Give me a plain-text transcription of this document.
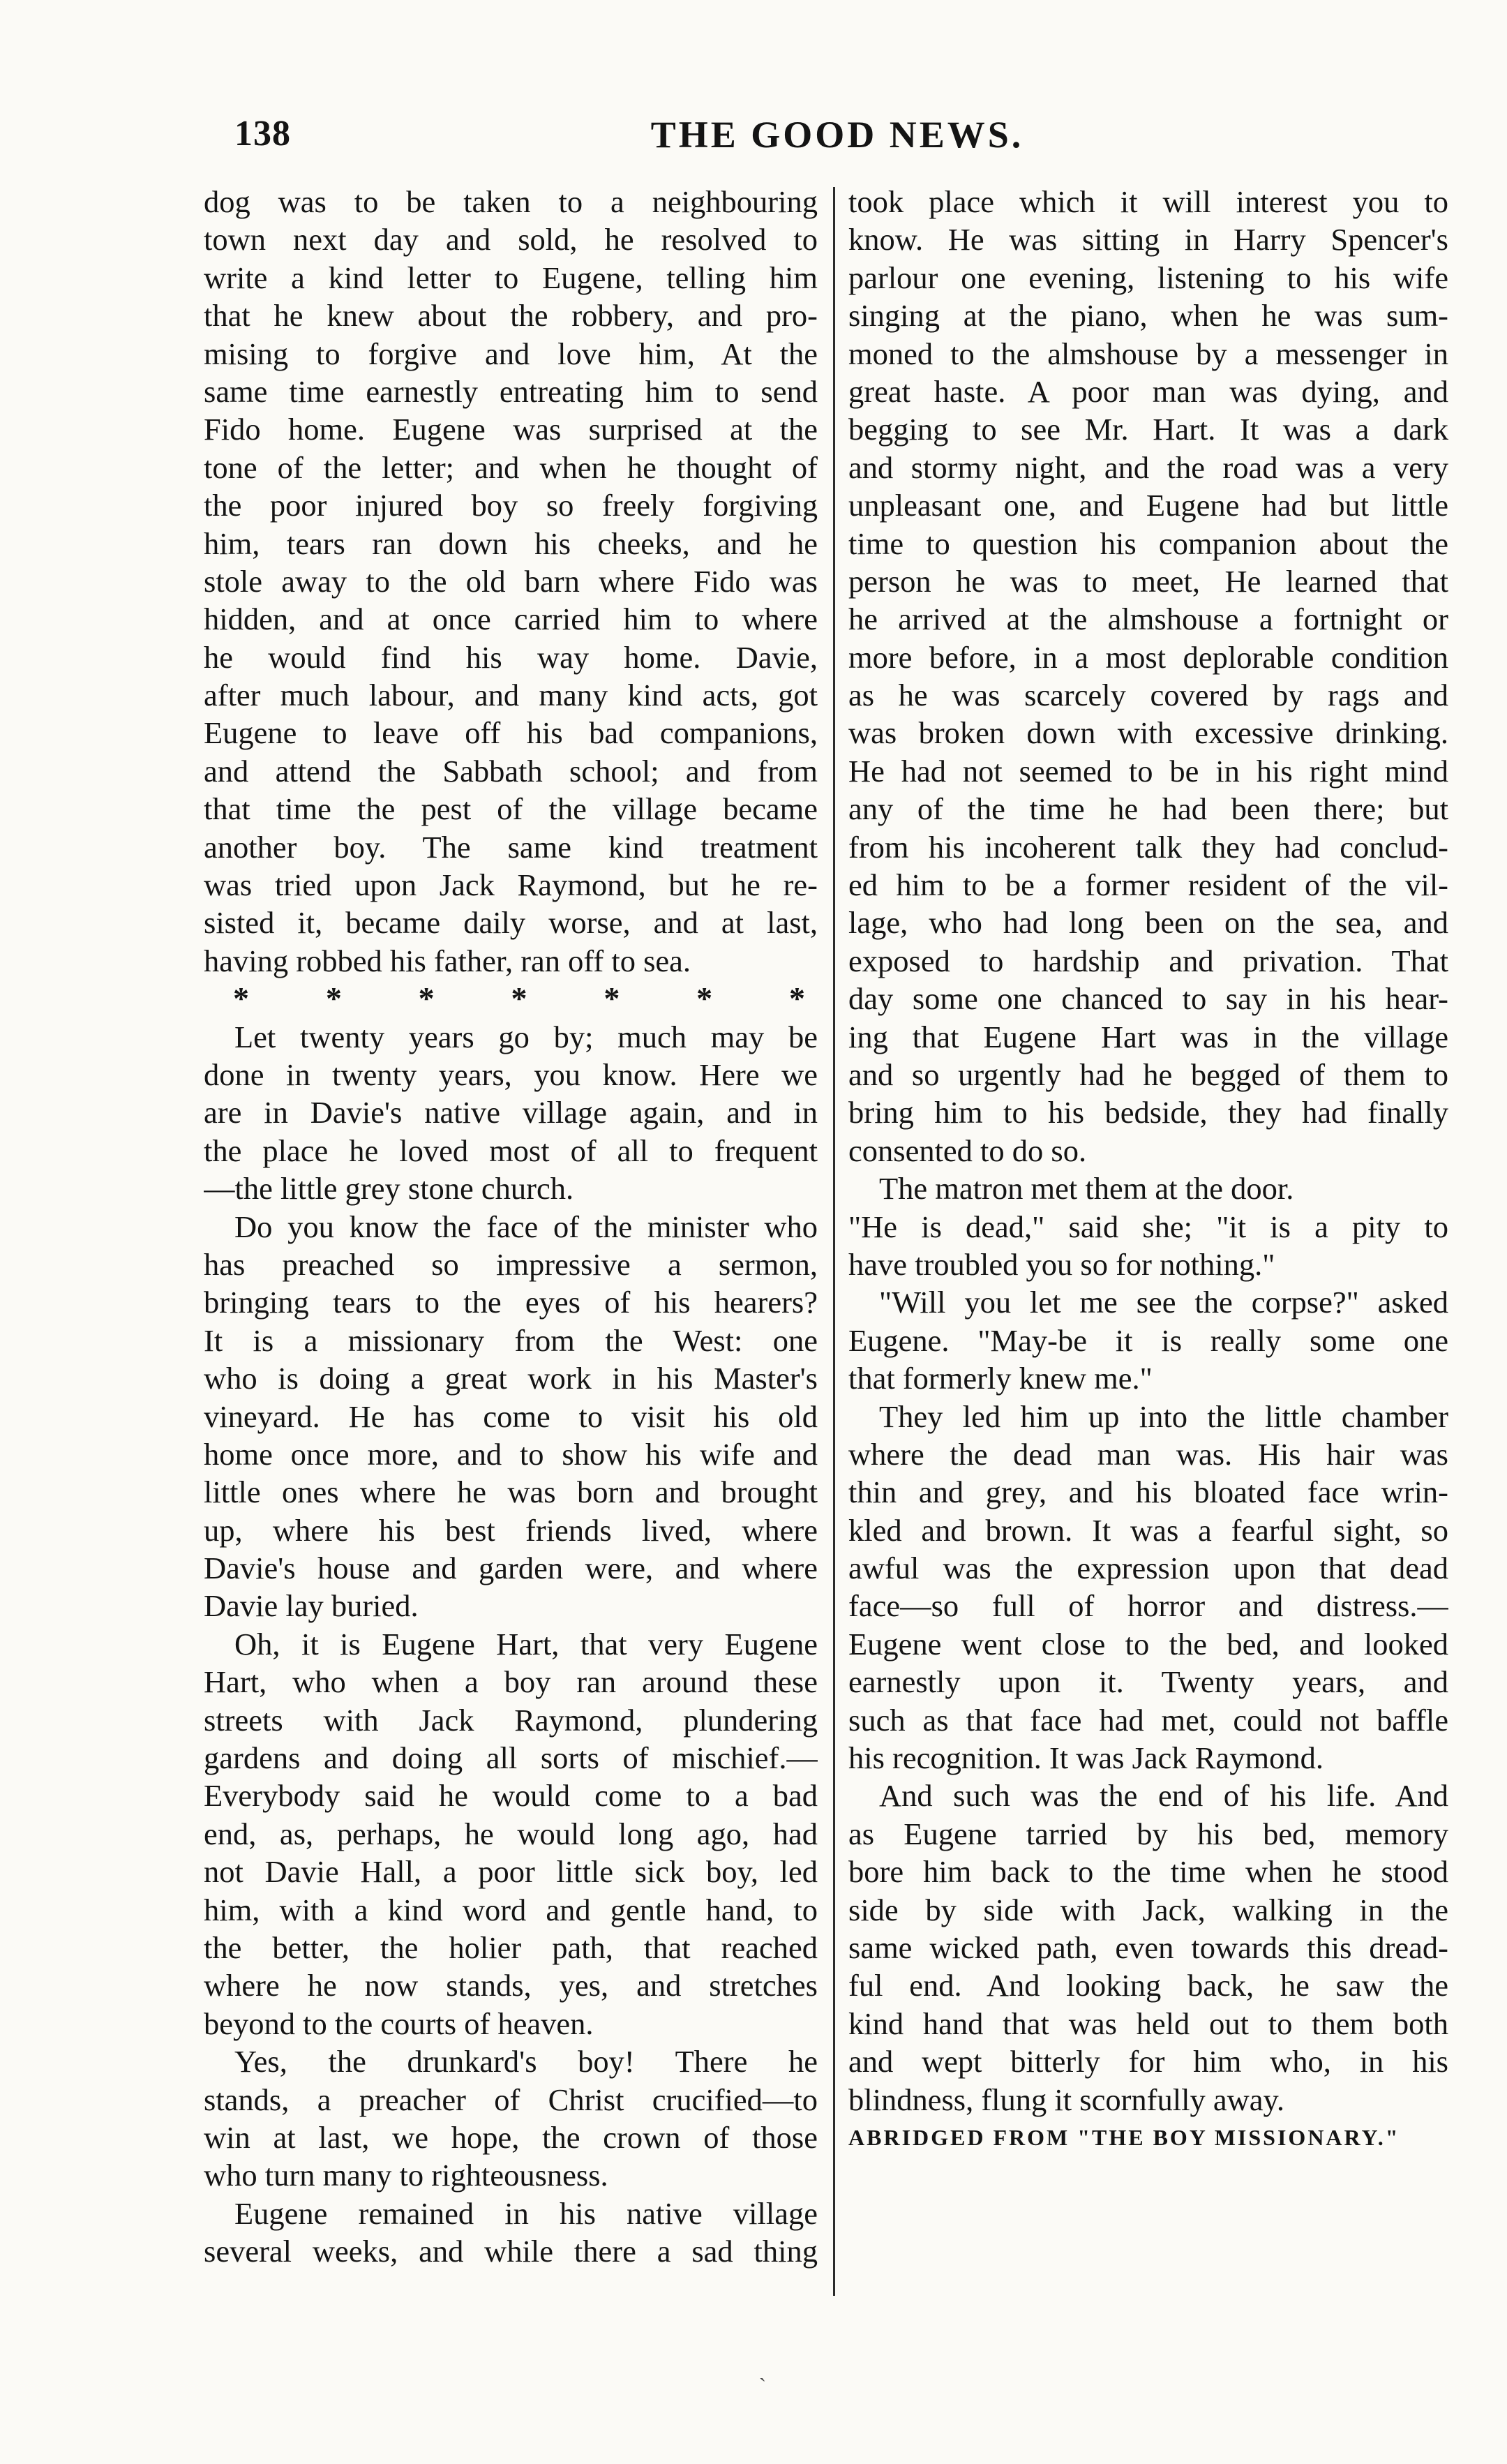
138	THE GOOD NEWS.
dog was to be taken to a neighbouring
town next day and sold, he resolved to
write a kind letter to Eugene, telling him
that he knew about the robbery, and pro-
mising to forgive and love him, At the
same time earnestly entreating him to send
Fido home. Eugene was surprised at the
tone of the letter; and when he thought of
the poor injured boy so freely forgiving
him, tears ran down his cheeks, and he
stole away to the old barn where Fido was
hidden, and at once carried him to where
he would find his way home. Davie,
after much labour, and many kind acts, got
Eugene to leave off his bad companions,
and attend the Sabbath school; and from
that time the pest of the village became
another boy. The same kind treatment
was tried upon Jack Raymond, but he re-
sisted it, became daily worse, and at last,
having robbed his father, ran off to sea.
* * * * * * *
Let twenty years go by; much may be
done in twenty years, you know. Here we
are in Davie's native village again, and in
the place he loved most of all to frequent
—the little grey stone church.
Do you know the face of the minister who
has preached so impressive a sermon,
bringing tears to the eyes of his hearers?
It is a missionary from the West: one
who is doing a great work in his Master's
vineyard. He has come to visit his old
home once more, and to show his wife and
little ones where he was born and brought
up, where his best friends lived, where
Davie's house and garden were, and where
Davie lay buried.
Oh, it is Eugene Hart, that very Eugene
Hart, who when a boy ran around these
streets with Jack Raymond, plundering
gardens and doing all sorts of mischief.—
Everybody said he would come to a bad
end, as, perhaps, he would long ago, had
not Davie Hall, a poor little sick boy, led
him, with a kind word and gentle hand, to
the better, the holier path, that reached
where he now stands, yes, and stretches
beyond to the courts of heaven.
Yes, the drunkard's boy! There he
stands, a preacher of Christ crucified—to
win at last, we hope, the crown of those
who turn many to righteousness.
Eugene remained in his native village
several weeks, and while there a sad thing
took place which it will interest you to
know. He was sitting in Harry Spencer's
parlour one evening, listening to his wife
singing at the piano, when he was sum-
moned to the almshouse by a messenger in
great haste. A poor man was dying, and
begging to see Mr. Hart. It was a dark
and stormy night, and the road was a very
unpleasant one, and Eugene had but little
time to question his companion about the
person he was to meet, He learned that
he arrived at the almshouse a fortnight or
more before, in a most deplorable condition
as he was scarcely covered by rags and
was broken down with excessive drinking.
He had not seemed to be in his right mind
any of the time he had been there; but
from his incoherent talk they had conclud-
ed him to be a former resident of the vil-
lage, who had long been on the sea, and
exposed to hardship and privation. That
day some one chanced to say in his hear-
ing that Eugene Hart was in the village
and so urgently had he begged of them to
bring him to his bedside, they had finally
consented to do so.
The matron met them at the door.
"He is dead," said she; "it is a pity to
have troubled you so for nothing."
"Will you let me see the corpse?" asked
Eugene. "May-be it is really some one
that formerly knew me."
They led him up into the little chamber
where the dead man was. His hair was
thin and grey, and his bloated face wrin-
kled and brown. It was a fearful sight, so
awful was the expression upon that dead
face—so full of horror and distress.—
Eugene went close to the bed, and looked
earnestly upon it. Twenty years, and
such as that face had met, could not baffle
his recognition. It was Jack Raymond.
And such was the end of his life. And
as Eugene tarried by his bed, memory
bore him back to the time when he stood
side by side with Jack, walking in the
same wicked path, even towards this dread-
ful end. And looking back, he saw the
kind hand that was held out to them both
and wept bitterly for him who, in his
blindness, flung it scornfully away.
ABRIDGED FROM "THE BOY MISSIONARY."
ˏ
